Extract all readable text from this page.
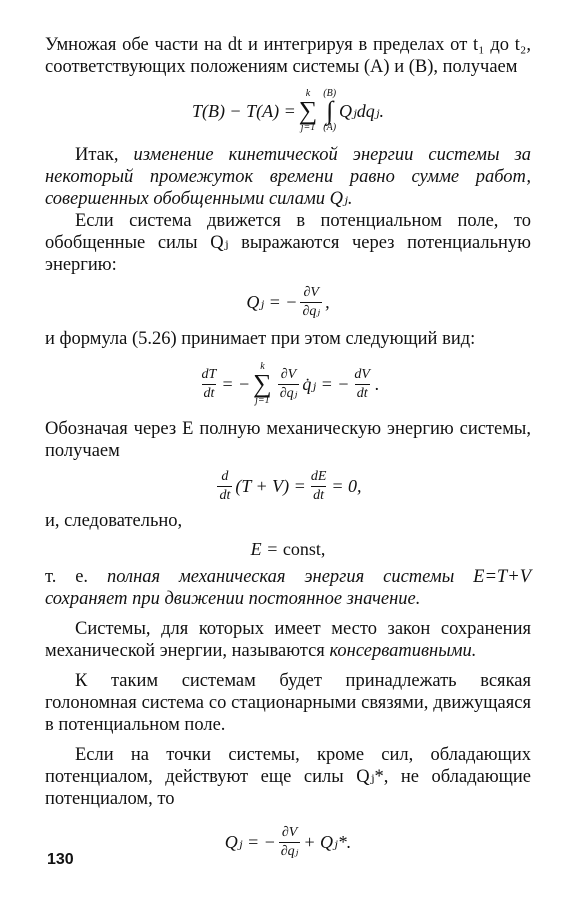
Умножая обе части на dt и интегрируя в пределах от t₁ до t₂, соответствующих положениям системы (A) и (B), получаем

T(B) − T(A) =
k
∑
j=1
(B)
∫
(A)
Qⱼdqⱼ.

Итак, изменение кинетической энергии системы за некоторый промежуток времени равно сумме работ, совершенных обобщенными силами Qⱼ.

Если система движется в потенциальном поле, то обобщенные силы Qⱼ выражаются через потенциальную энергию:

Qⱼ = − $\frac{\partial V}{\text{∂qⱼ}}$ ,

и формула (5.26) принимает при этом следующий вид:

$\frac{dT}{dt}$ = −
k
∑
$j=1 \frac{\partial V}{\text{∂qⱼ}}$ q̇ⱼ = − $\frac{dV}{dt}$ .

Обозначая через E полную механическую энергию системы, получаем

$\frac{d}{dt} (T + V) = \frac{dE}{dt} = 0$,

и, следовательно,

E =
const,

т. е. полная механическая энергия системы E=T+V сохраняет при движении постоянное значение.

Системы, для которых имеет место закон сохранения механической энергии, называются консервативными.

К таким системам будет принадлежать всякая голономная система со стационарными связями, движущаяся в потенциальном поле.

Если на точки системы, кроме сил, обладающих потенциалом, действуют еще силы Qⱼ*, не обладающие потенциалом, то

Qⱼ = − $\frac{\partial V}{\text{∂qⱼ}}$ + Qⱼ*.
130
